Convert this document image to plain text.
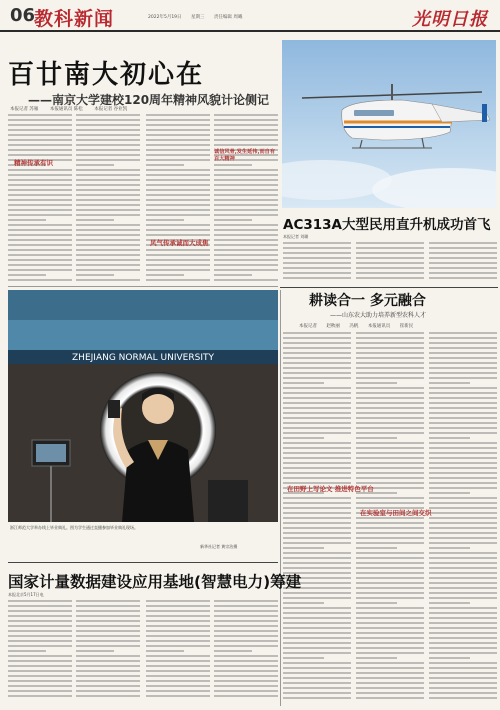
06
教科新闻	2022年5月19日 星期三 责任编辑 周曦	光明日报
百廿南大初心在
——南京大学建校120周年精神风貌计论侧记
本报记者 苏雁	本报通讯员 陈松	本报记者 谷业凯
精神传承有识
风气传承诚而大成焦
诚信风骨,发生延伟,而自有百大精神
AC313A大型民用直升机成功首飞
本报记者 刘璐
ZHEJIANG NORMAL UNIVERSITY
浙江师范大学举办线上毕业典礼。图为学生通过直播参加毕业典礼现场。
新华社记者 黄宗治摄
耕读合一 多元融合
——山东农大助力培养新型农科人才
本报记者 赵秋丽 冯帆 本报通讯员 崔新民
在田野上写论文 推进特色平台
在实验室与田间之间交织
国家计量数据建设应用基地(智慧电力)筹建
本报北京5月17日电
